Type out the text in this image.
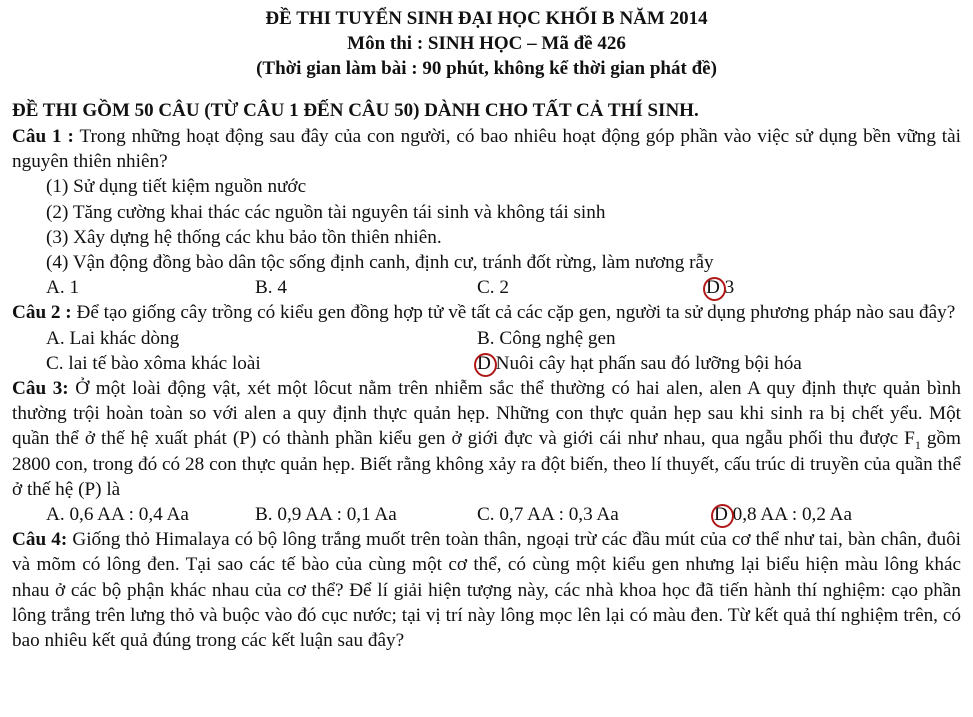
ĐỀ THI TUYỂN SINH ĐẠI HỌC KHỐI B NĂM 2014

Môn thi : SINH HỌC – Mã đề 426

(Thời gian làm bài : 90 phút, không kể thời gian phát đề)

ĐỀ THI GỒM 50 CÂU (TỪ CÂU 1 ĐẾN CÂU 50) DÀNH CHO TẤT CẢ THÍ SINH.

Câu 1 : Trong những hoạt động sau đây của con người, có bao nhiêu hoạt động góp phần vào việc sử dụng bền vững tài nguyên thiên nhiên?

(1) Sử dụng tiết kiệm nguồn nước

(2) Tăng cường khai thác các nguồn tài nguyên tái sinh và không tái sinh

(3) Xây dựng hệ thống các khu bảo tồn thiên nhiên.

(4) Vận động đồng bào dân tộc sống định canh, định cư, tránh đốt rừng, làm nương rẫy

A. 1	B. 4	C. 2	D 3

Câu 2 : Để tạo giống cây trồng có kiểu gen đồng hợp tử về tất cả các cặp gen, người ta sử dụng phương pháp nào sau đây?

A. Lai khác dòng	B. Công nghệ gen
C. lai tế bào xôma khác loài	D Nuôi cây hạt phấn sau đó lưỡng bội hóa

Câu 3: Ở một loài động vật, xét một lôcut nằm trên nhiễm sắc thể thường có hai alen, alen A quy định thực quản bình thường trội hoàn toàn so với alen a quy định thực quản hẹp. Những con thực quản hẹp sau khi sinh ra bị chết yểu. Một quần thể ở thế hệ xuất phát (P) có thành phần kiểu gen ở giới đực và giới cái như nhau, qua ngẫu phối thu được $F_1$ gồm 2800 con, trong đó có 28 con thực quản hẹp. Biết rằng không xảy ra đột biến, theo lí thuyết, cấu trúc di truyền của quần thể ở thế hệ (P) là

A. 0,6 AA : 0,4 Aa	B. 0,9 AA : 0,1 Aa	C. 0,7 AA : 0,3 Aa	D 0,8 AA : 0,2 Aa

Câu 4: Giống thỏ Himalaya có bộ lông trắng muốt trên toàn thân, ngoại trừ các đầu mút của cơ thể như tai, bàn chân, đuôi và mõm có lông đen. Tại sao các tế bào của cùng một cơ thể, có cùng một kiểu gen nhưng lại biểu hiện màu lông khác nhau ở các bộ phận khác nhau của cơ thể? Để lí giải hiện tượng này, các nhà khoa học đã tiến hành thí nghiệm: cạo phần lông trắng trên lưng thỏ và buộc vào đó cục nước; tại vị trí này lông mọc lên lại có màu đen. Từ kết quả thí nghiệm trên, có bao nhiêu kết quả đúng trong các kết luận sau đây?
